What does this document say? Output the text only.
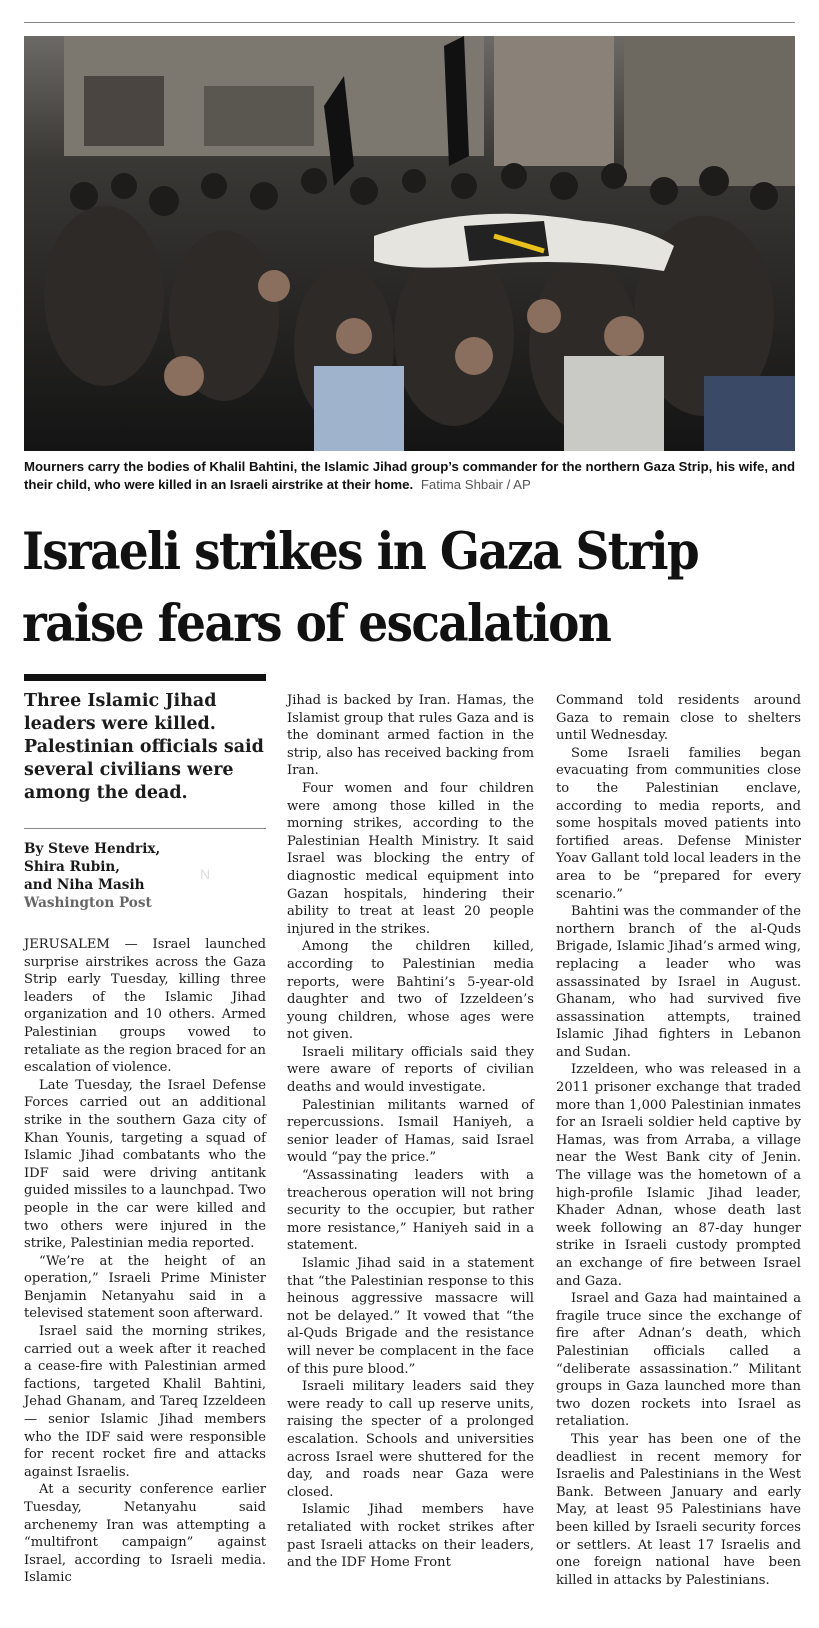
Mourners carry the bodies of Khalil Bahtini, the Islamic Jihad group’s commander for the northern Gaza Strip, his wife, and their child, who were killed in an Israeli airstrike at their home. Fatima Shbair / AP
Israeli strikes in Gaza Strip
raise fears of escalation
Three Islamic Jihad leaders were killed. Palestinian officials said several civilians were among the dead.
By Steve Hendrix,
Shira Rubin,
and Niha Masih
Washington Post
N

JERUSALEM — Israel launched surprise airstrikes across the Gaza Strip early Tuesday, killing three leaders of the Islamic Jihad organization and 10 others. Armed Palestinian groups vowed to retaliate as the region braced for an escalation of violence.

Late Tuesday, the Israel Defense Forces carried out an additional strike in the southern Gaza city of Khan Younis, targeting a squad of Islamic Jihad combatants who the IDF said were driving antitank guided missiles to a launchpad. Two people in the car were killed and two others were injured in the strike, Palestinian media reported.

“We’re at the height of an operation,” Israeli Prime Minister Benjamin Netanyahu said in a televised statement soon afterward.

Israel said the morning strikes, carried out a week after it reached a cease-fire with Palestinian armed factions, targeted Khalil Bahtini, Jehad Ghanam, and Tareq Izzeldeen — senior Islamic Jihad members who the IDF said were responsible for recent rocket fire and attacks against Israelis.

At a security conference earlier Tuesday, Netanyahu said archenemy Iran was attempting a “multifront campaign” against Israel, according to Israeli media. Islamic

Jihad is backed by Iran. Hamas, the Islamist group that rules Gaza and is the dominant armed faction in the strip, also has received backing from Iran.

Four women and four children were among those killed in the morning strikes, according to the Palestinian Health Ministry. It said Israel was blocking the entry of diagnostic medical equipment into Gazan hospitals, hindering their ability to treat at least 20 people injured in the strikes.

Among the children killed, according to Palestinian media reports, were Bahtini’s 5-year-old daughter and two of Izzeldeen’s young children, whose ages were not given.

Israeli military officials said they were aware of reports of civilian deaths and would investigate.

Palestinian militants warned of repercussions. Ismail Haniyeh, a senior leader of Hamas, said Israel would “pay the price.”

“Assassinating leaders with a treacherous operation will not bring security to the occupier, but rather more resistance,” Haniyeh said in a statement.

Islamic Jihad said in a statement that “the Palestinian response to this heinous aggressive massacre will not be delayed.” It vowed that “the al-Quds Brigade and the resistance will never be complacent in the face of this pure blood.”

Israeli military leaders said they were ready to call up reserve units, raising the specter of a prolonged escalation. Schools and universities across Israel were shuttered for the day, and roads near Gaza were closed.

Islamic Jihad members have retaliated with rocket strikes after past Israeli attacks on their leaders, and the IDF Home Front

Command told residents around Gaza to remain close to shelters until Wednesday.

Some Israeli families began evacuating from communities close to the Palestinian enclave, according to media reports, and some hospitals moved patients into fortified areas. Defense Minister Yoav Gallant told local leaders in the area to be “prepared for every scenario.”

Bahtini was the commander of the northern branch of the al-Quds Brigade, Islamic Jihad’s armed wing, replacing a leader who was assassinated by Israel in August. Ghanam, who had survived five assassination attempts, trained Islamic Jihad fighters in Lebanon and Sudan.

Izzeldeen, who was released in a 2011 prisoner exchange that traded more than 1,000 Palestinian inmates for an Israeli soldier held captive by Hamas, was from Arraba, a village near the West Bank city of Jenin. The village was the hometown of a high-profile Islamic Jihad leader, Khader Adnan, whose death last week following an 87-day hunger strike in Israeli custody prompted an exchange of fire between Israel and Gaza.

Israel and Gaza had maintained a fragile truce since the exchange of fire after Adnan’s death, which Palestinian officials called a “deliberate assassination.” Militant groups in Gaza launched more than two dozen rockets into Israel as retaliation.

This year has been one of the deadliest in recent memory for Israelis and Palestinians in the West Bank. Between January and early May, at least 95 Palestinians have been killed by Israeli security forces or settlers. At least 17 Israelis and one foreign national have been killed in attacks by Palestinians.
